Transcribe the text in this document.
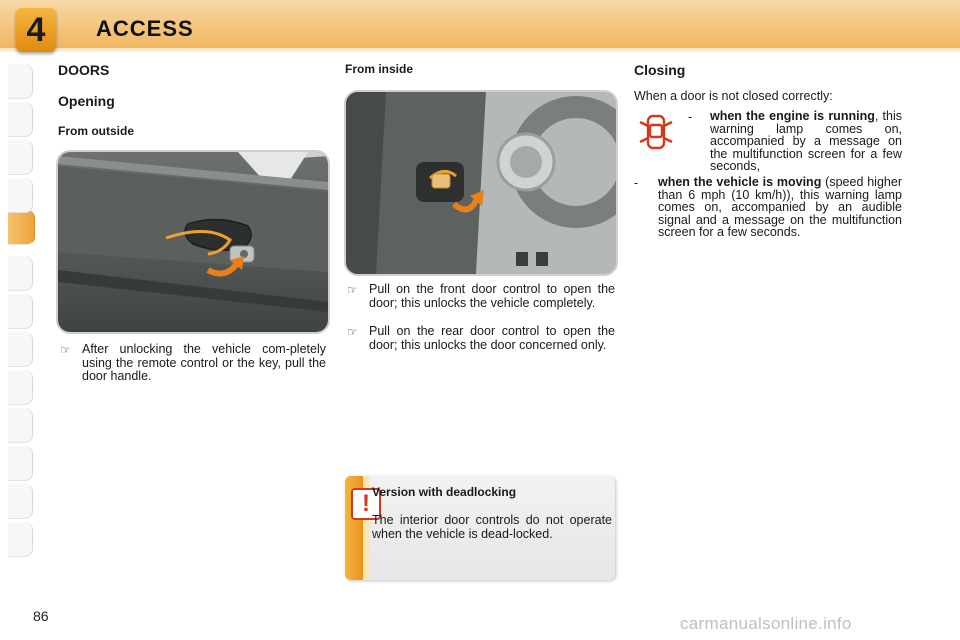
4	ACCESS
DOORS
Opening
From outside
From inside	Closing
☞ After unlocking the vehicle com-pletely using the remote control or the key, pull the door handle.
☞ Pull on the front door control to open the door; this unlocks the vehicle completely.
☞ Pull on the rear door control to open the door; this unlocks the door concerned only.
When a door is not closed correctly:
- when the engine is running, this warning lamp comes on, accompanied by a message on the multifunction screen for a few seconds,
- when the vehicle is moving (speed higher than 6 mph (10 km/h)), this warning lamp comes on, accompanied by an audible signal and a message on the multifunction screen for a few seconds.
! Version with deadlocking
The interior door controls do not operate when the vehicle is dead-locked.
86	carmanualsonline.info
